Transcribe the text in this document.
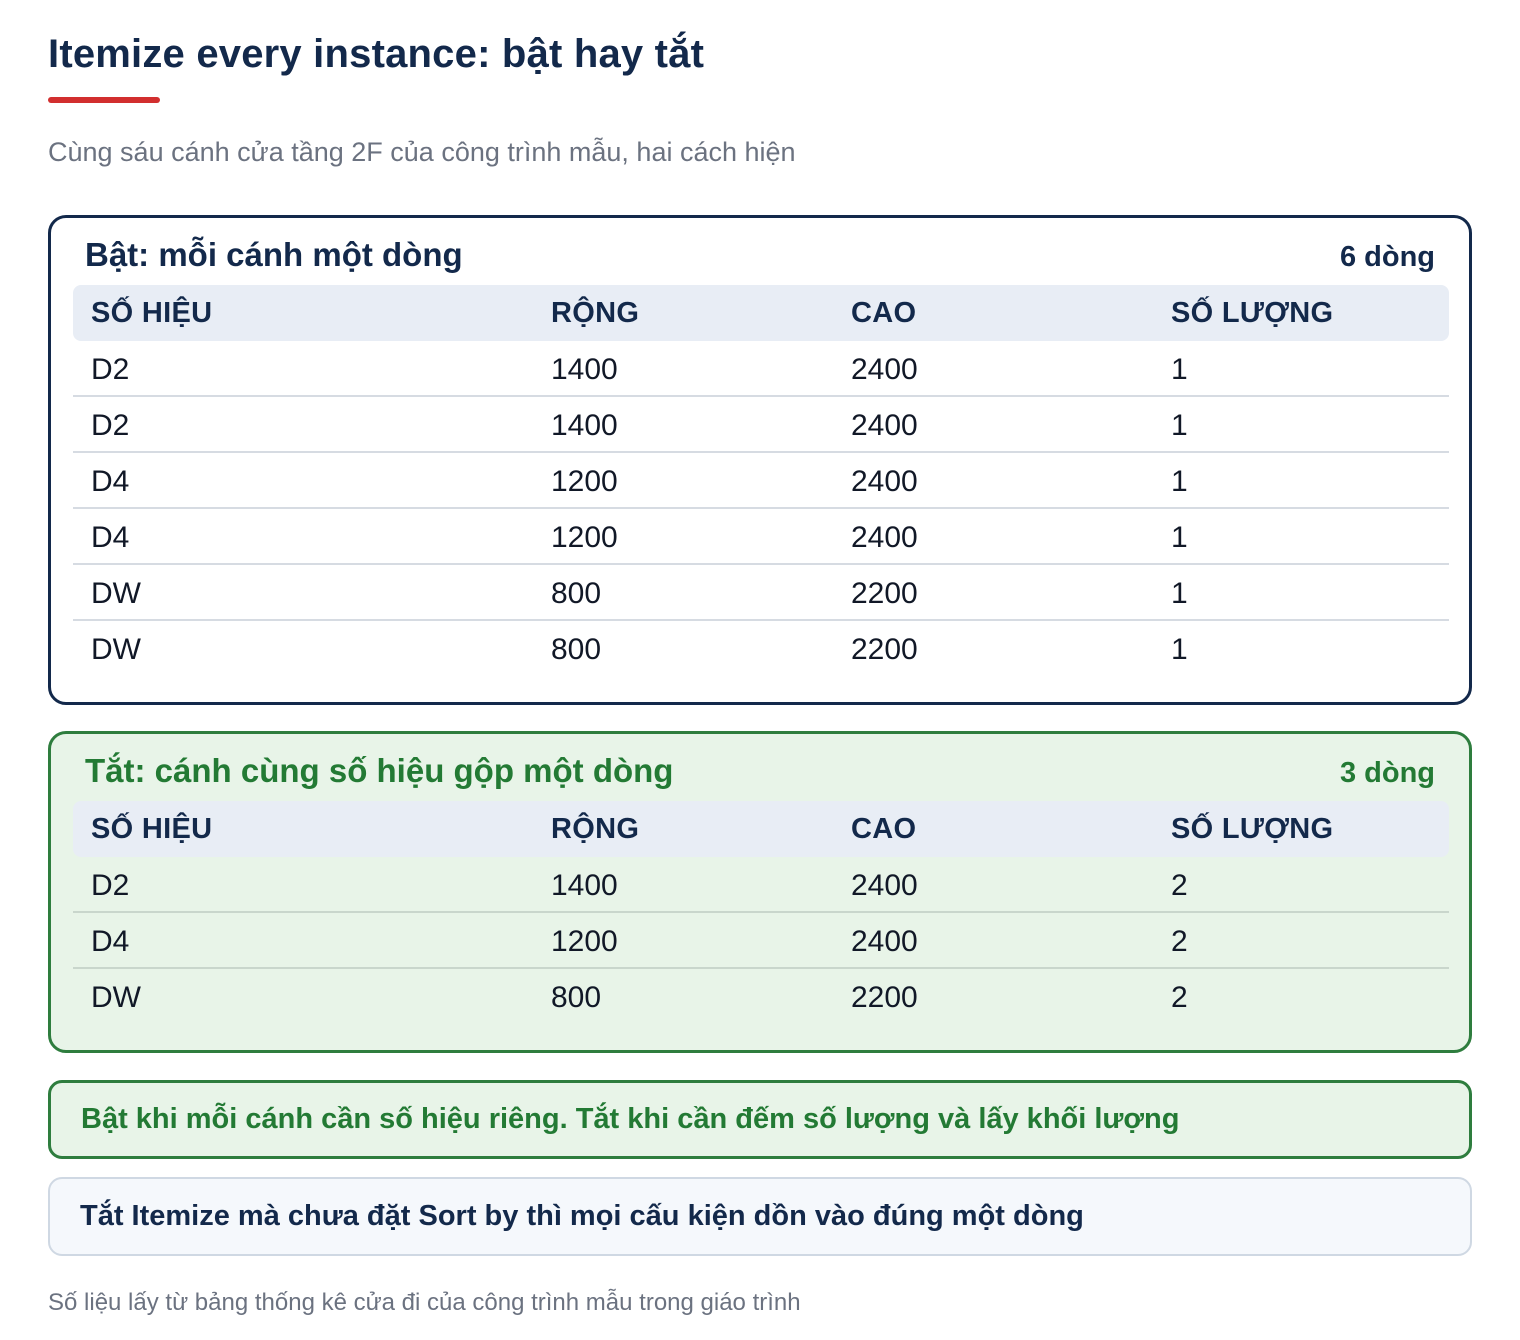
Itemize every instance: bật hay tắt
Cùng sáu cánh cửa tầng 2F của công trình mẫu, hai cách hiện
Bật: mỗi cánh một dòng	6 dòng
SỐ HIỆU	RỘNG	CAO	SỐ LƯỢNG
D2	1400	2400	1
D2	1400	2400	1
D4	1200	2400	1
D4	1200	2400	1
DW	800	2200	1
DW	800	2200	1
Tắt: cánh cùng số hiệu gộp một dòng	3 dòng
SỐ HIỆU	RỘNG	CAO	SỐ LƯỢNG
D2	1400	2400	2
D4	1200	2400	2
DW	800	2200	2
Bật khi mỗi cánh cần số hiệu riêng. Tắt khi cần đếm số lượng và lấy khối lượng
Tắt Itemize mà chưa đặt Sort by thì mọi cấu kiện dồn vào đúng một dòng
Số liệu lấy từ bảng thống kê cửa đi của công trình mẫu trong giáo trình
